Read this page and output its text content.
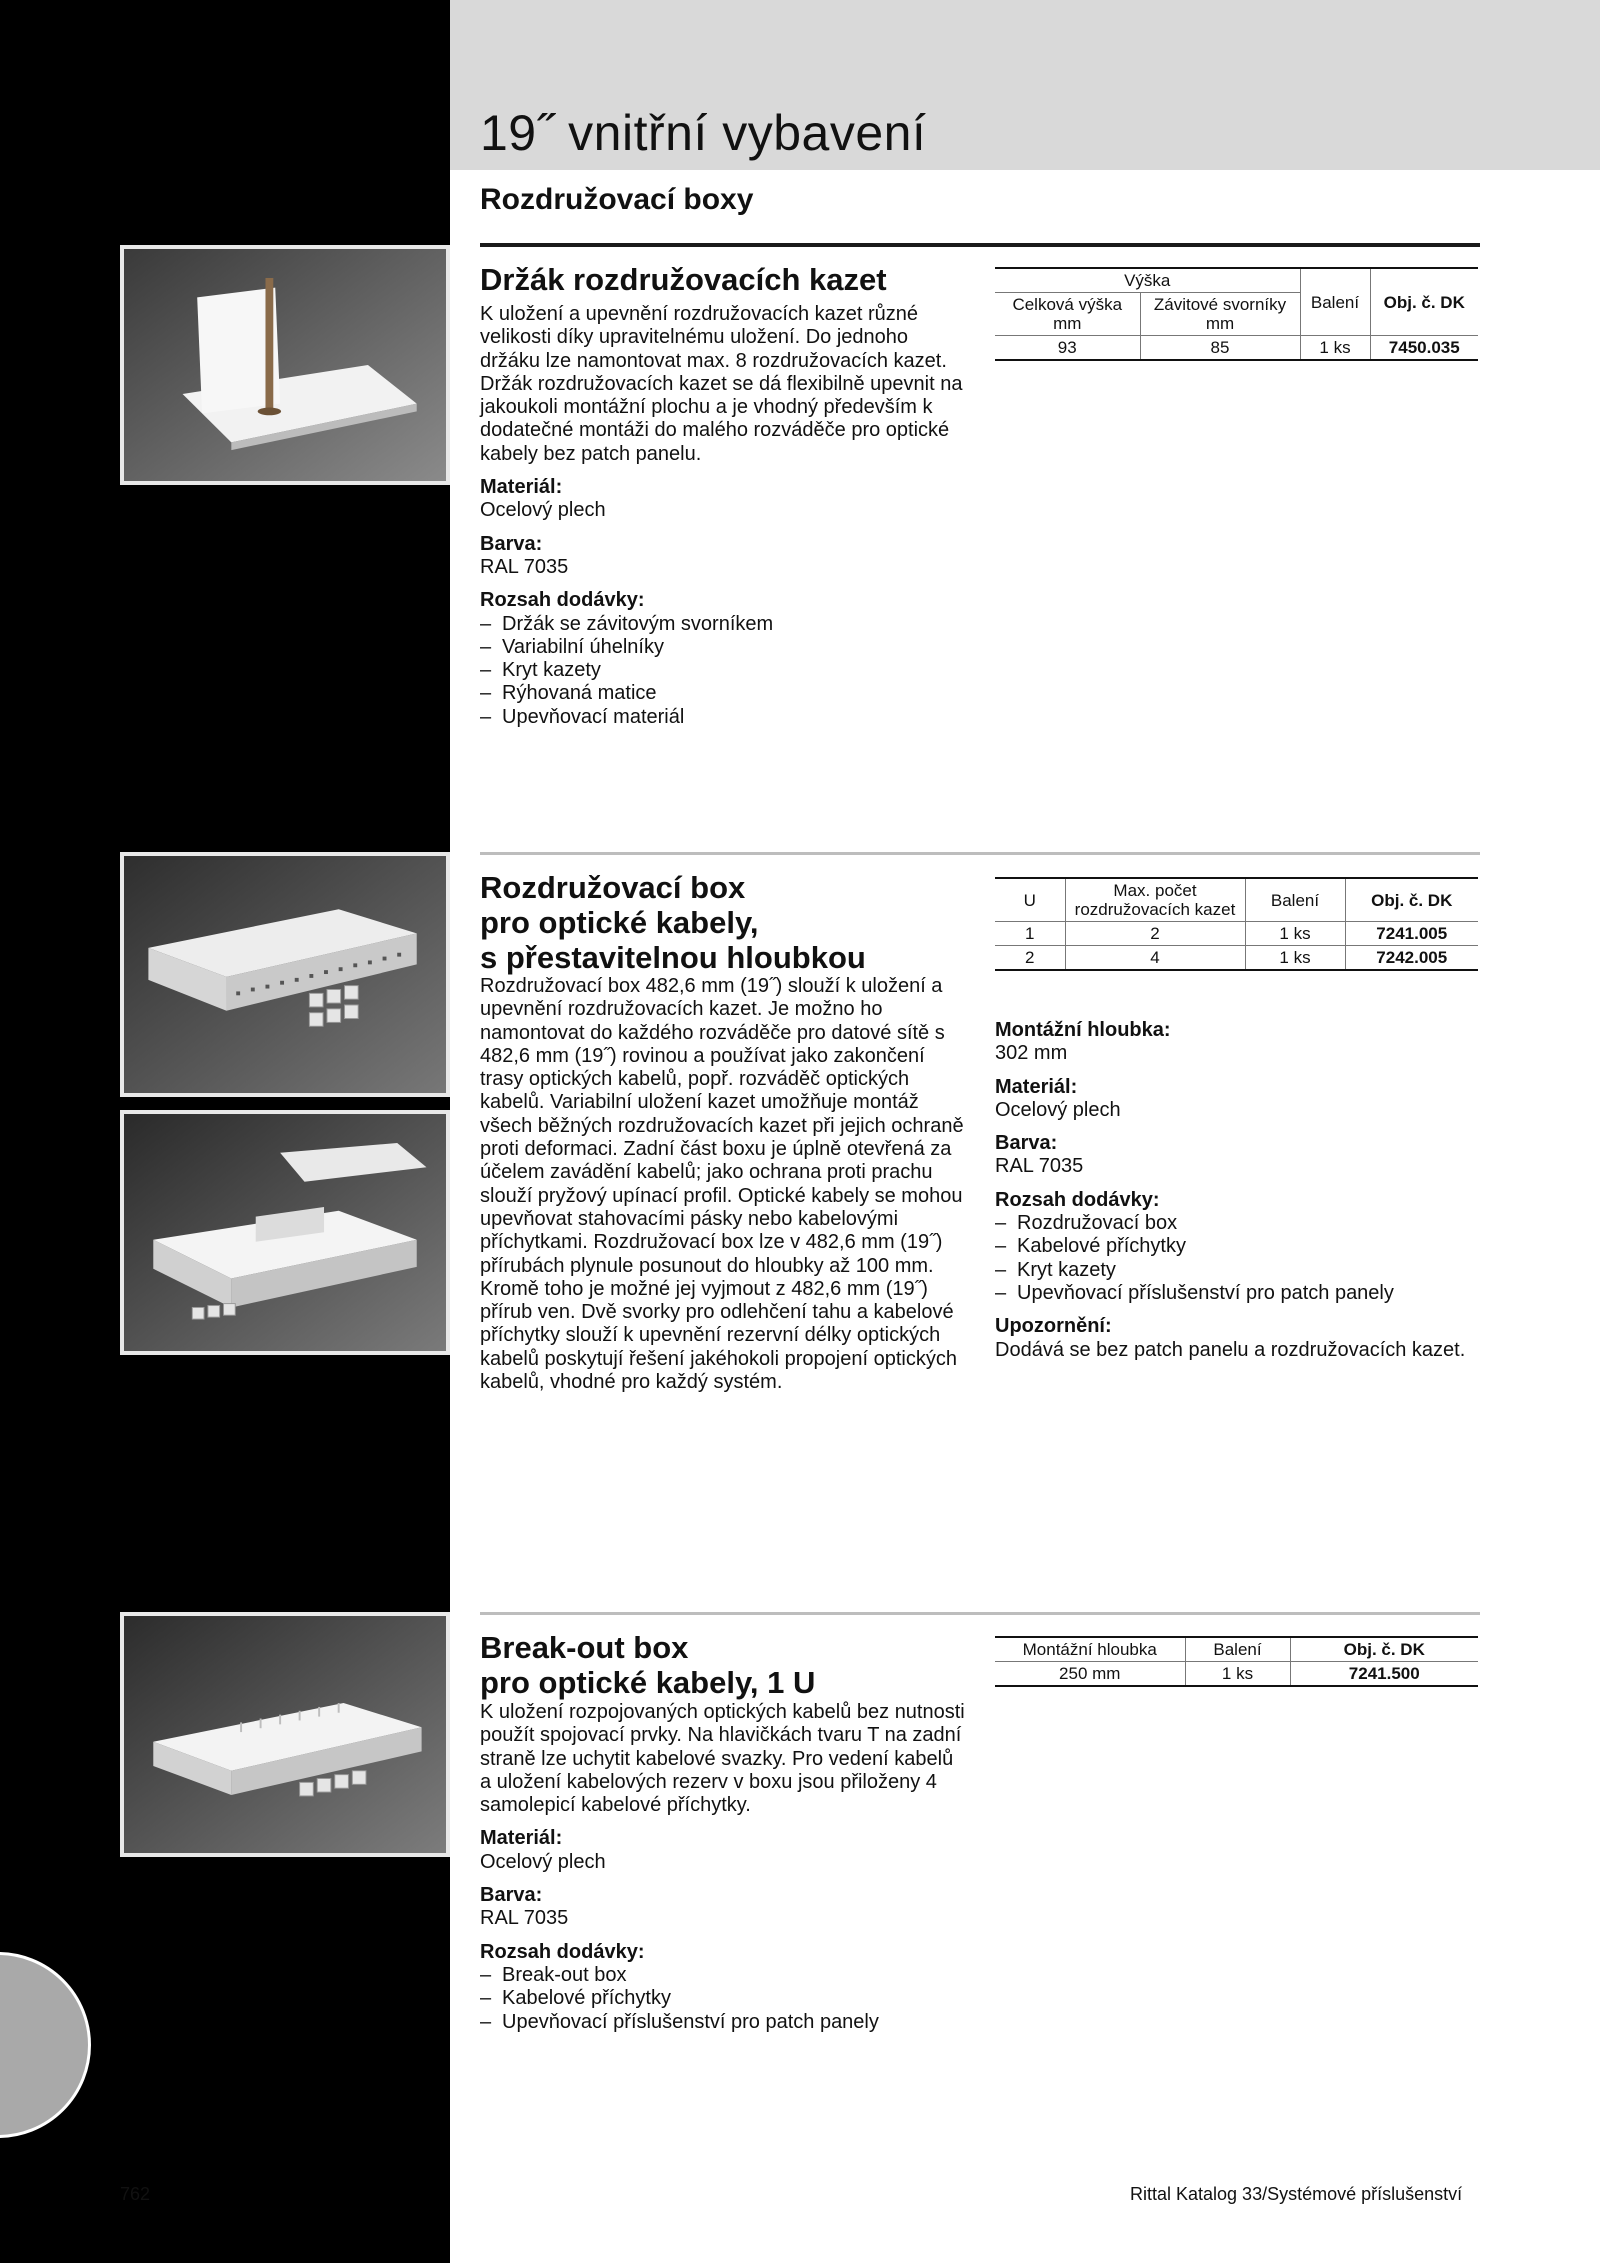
19˝ vnitřní vybavení
Rozdružovací boxy
Držák rozdružovacích kazet

K uložení a upevnění rozdružovacích kazet různé velikosti díky upravitelnému uložení. Do jednoho držáku lze namontovat max. 8 rozdružovacích kazet. Držák rozdružovacích kazet se dá flexibilně upevnit na jakoukoli montážní plochu a je vhodný především k dodatečné montáži do malého rozváděče pro optické kabely bez patch panelu.

Materiál:

Ocelový plech

Barva:

RAL 7035

Rozsah dodávky:

– Držák se závitovým svorníkem
– Variabilní úhelníky
– Kryt kazety
– Rýhovaná matice
– Upevňovací materiál
Výška		Balení	Obj. č. DK
Celková výška mm	Závitové svorníky mm		
93	85	1 ks	7450.035
Rozdružovací box
pro optické kabely,
s přestavitelnou hloubkou

Rozdružovací box 482,6 mm (19˝) slouží k uložení a upevnění rozdružovacích kazet. Je možno ho namontovat do každého rozváděče pro datové sítě s 482,6 mm (19˝) rovinou a používat jako zakončení trasy optických kabelů, popř. rozváděč optických kabelů. Variabilní uložení kazet umožňuje montáž všech běžných rozdružovacích kazet při jejich ochraně proti deformaci. Zadní část boxu je úplně otevřená za účelem zavádění kabelů; jako ochrana proti prachu slouží pryžový upínací profil. Optické kabely se mohou upevňovat stahovacími pásky nebo kabelovými příchytkami. Rozdružovací box lze v 482,6 mm (19˝) přírubách plynule posunout do hloubky až 100 mm. Kromě toho je možné jej vyjmout z 482,6 mm (19˝) přírub ven. Dvě svorky pro odlehčení tahu a kabelové příchytky slouží k upevnění rezervní délky optických kabelů poskytují řešení jakéhokoli propojení optických kabelů, vhodné pro každý systém.

U	Max. počet rozdružovacích kazet	Balení	Obj. č. DK
1	2	1 ks	7241.005
2	4	1 ks	7242.005

Montážní hloubka:

302 mm

Materiál:

Ocelový plech

Barva:

RAL 7035

Rozsah dodávky:

– Rozdružovací box
– Kabelové příchytky
– Kryt kazety
– Upevňovací příslušenství pro patch panely

Upozornění:

Dodává se bez patch panelu a rozdružovacích kazet.

Break-out box
pro optické kabely, 1 U

K uložení rozpojovaných optických kabelů bez nutnosti použít spojovací prvky. Na hlavičkách tvaru T na zadní straně lze uchytit kabelové svazky. Pro vedení kabelů a uložení kabelových rezerv v boxu jsou přiloženy 4 samolepicí kabelové příchytky.

Materiál:

Ocelový plech

Barva:

RAL 7035

Rozsah dodávky:

– Break-out box
– Kabelové příchytky
– Upevňovací příslušenství pro patch panely
Montážní hloubka	Balení	Obj. č. DK
250 mm	1 ks	7241.500
762	Rittal Katalog 33/Systémové příslušenství
